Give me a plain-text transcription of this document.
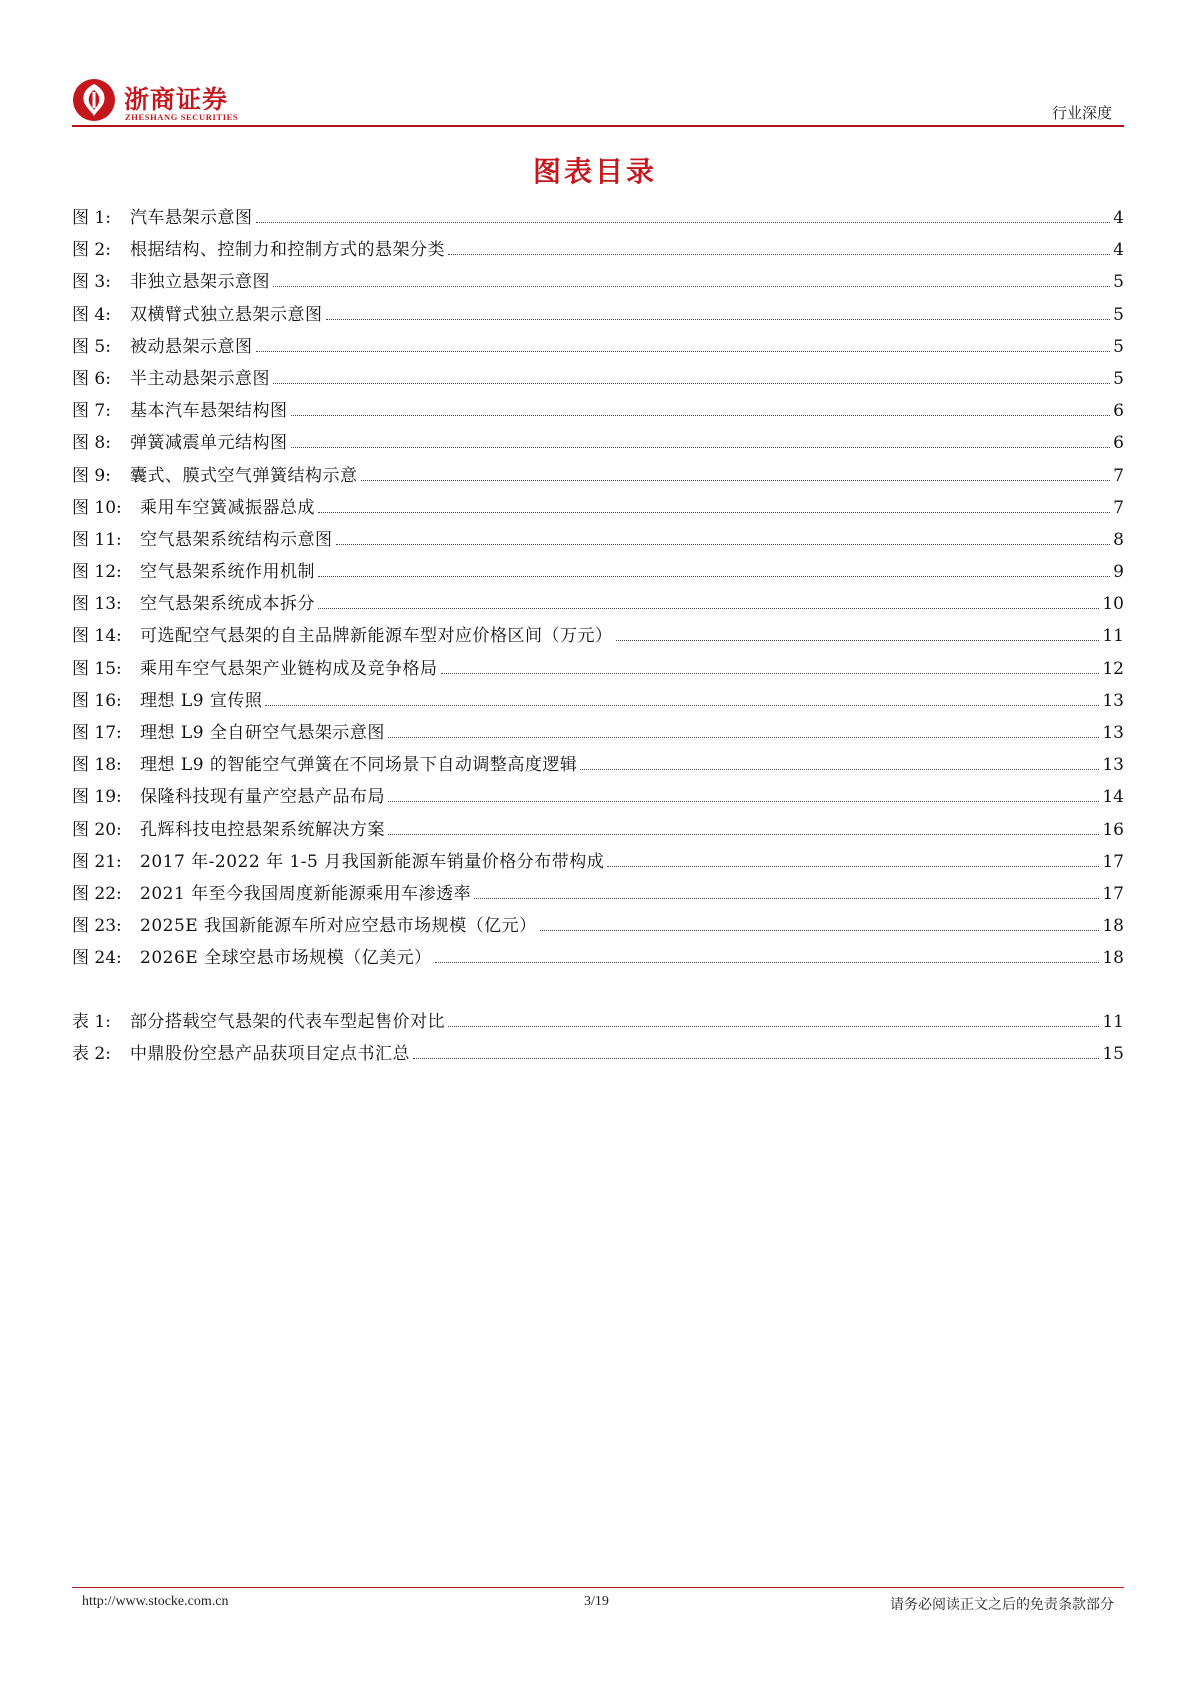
浙商证券
ZHESHANG SECURITIES	行业深度
图表目录
图 1:	汽车悬架示意图	4
图 2:	根据结构、控制力和控制方式的悬架分类	4
图 3:	非独立悬架示意图	5
图 4:	双横臂式独立悬架示意图	5
图 5:	被动悬架示意图	5
图 6:	半主动悬架示意图	5
图 7:	基本汽车悬架结构图	6
图 8:	弹簧减震单元结构图	6
图 9:	囊式、膜式空气弹簧结构示意	7
图 10:	乘用车空簧减振器总成	7
图 11:	空气悬架系统结构示意图	8
图 12:	空气悬架系统作用机制	9
图 13:	空气悬架系统成本拆分	10
图 14:	可选配空气悬架的自主品牌新能源车型对应价格区间（万元）	11
图 15:	乘用车空气悬架产业链构成及竞争格局	12
图 16:	理想 L9 宣传照	13
图 17:	理想 L9 全自研空气悬架示意图	13
图 18:	理想 L9 的智能空气弹簧在不同场景下自动调整高度逻辑	13
图 19:	保隆科技现有量产空悬产品布局	14
图 20:	孔辉科技电控悬架系统解决方案	16
图 21:	2017 年-2022 年 1-5 月我国新能源车销量价格分布带构成	17
图 22:	2021 年至今我国周度新能源乘用车渗透率	17
图 23:	2025E 我国新能源车所对应空悬市场规模（亿元）	18
图 24:	2026E 全球空悬市场规模（亿美元）	18
表 1:	部分搭载空气悬架的代表车型起售价对比	11
表 2:	中鼎股份空悬产品获项目定点书汇总	15
http://www.stocke.com.cn	3/19	请务必阅读正文之后的免责条款部分
